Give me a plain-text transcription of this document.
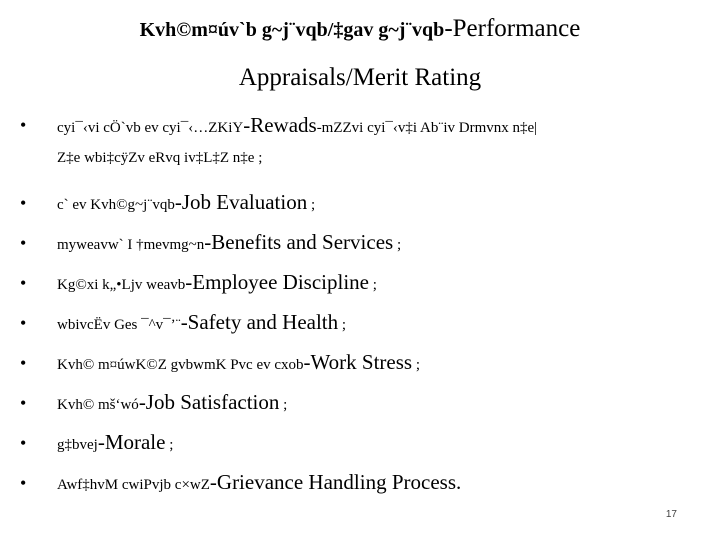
Kvh©m¤úv`b g~j¨vqb/‡gav g~j¨vqb-Performance
Appraisals/Merit Rating
• cyi¯‹vi cÖ`vb ev cyi¯‹…ZKiY-Rewads-mZZvi cyi¯‹v‡i Ab¨iv Drmvnx n‡e|
Z‡e wbi‡cÿZv eRvq iv‡L‡Z n‡e ;
• c` ev Kvh©g~j¨vqb-Job Evaluation ;
• myweavw` I †mevmg~n-Benefits and Services ;
• Kg©xi k„•Ljv weavb-Employee Discipline ;
• wbivcËv Ges ¯^v¯’¨-Safety and Health ;
• Kvh© m¤úwK©Z gvbwmK Pvc ev cxob-Work Stress ;
• Kvh© mš‘wó-Job Satisfaction ;
• g‡bvej-Morale ;
• Awf‡hvM cwiPvjb c×wZ-Grievance Handling Process.
17
